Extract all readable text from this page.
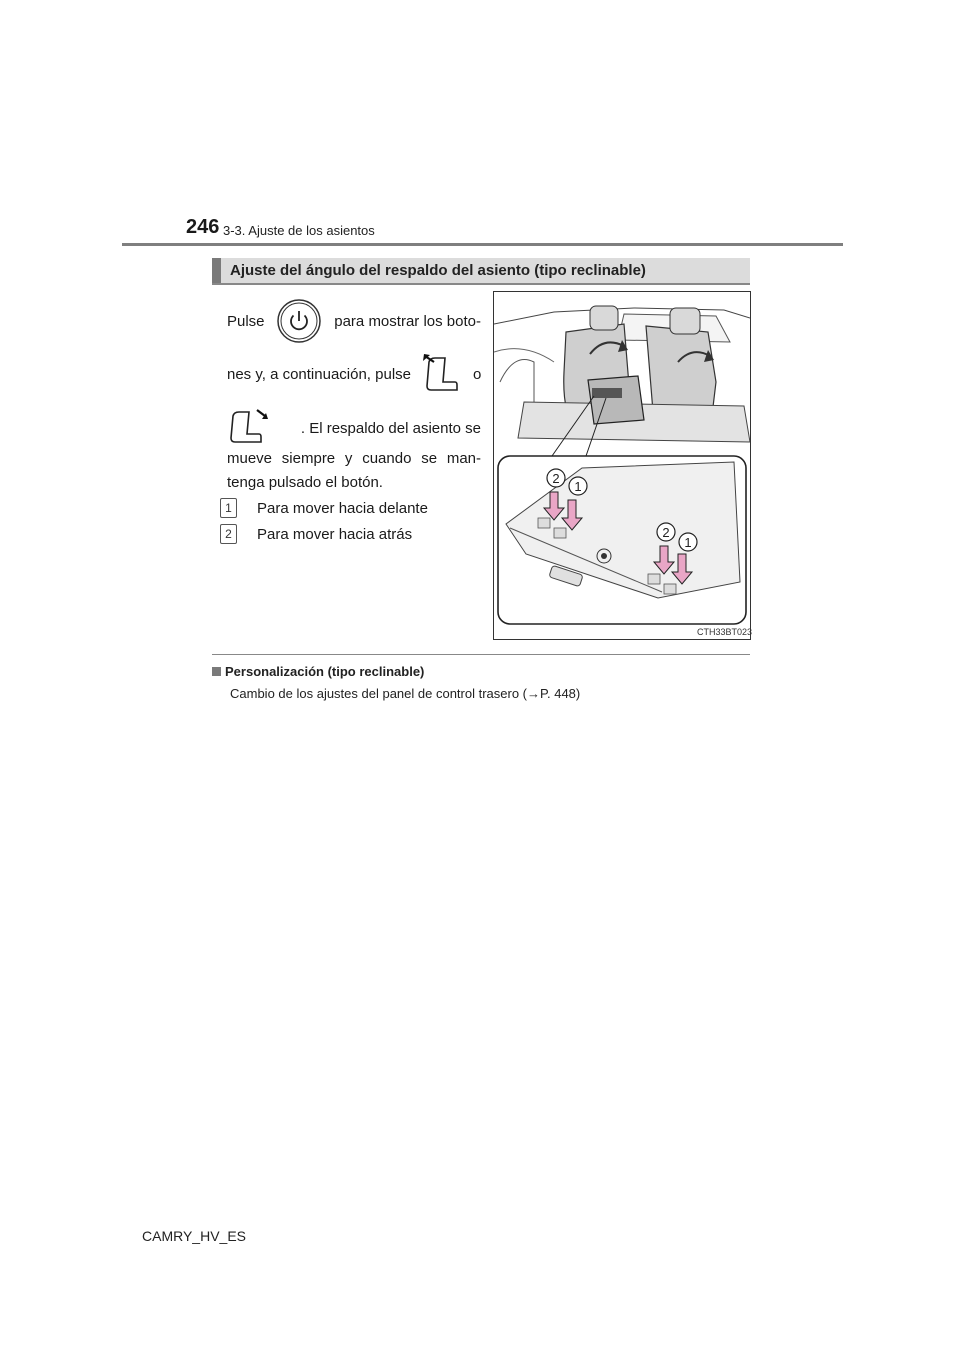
246 3-3. Ajuste de los asientos
Ajuste del ángulo del respaldo del asiento (tipo reclinable)
Pulse	para mostrar los boto-
nes y, a continuación, pulse	o
. El respaldo del asiento se
mueve siempre y cuando se man-
tenga pulsado el botón.
1	Para mover hacia delante
2	Para mover hacia atrás
2
1
2
1
CTH33BT023
Personalización (tipo reclinable)
Cambio de los ajustes del panel de control trasero (→P. 448)
CAMRY_HV_ES
